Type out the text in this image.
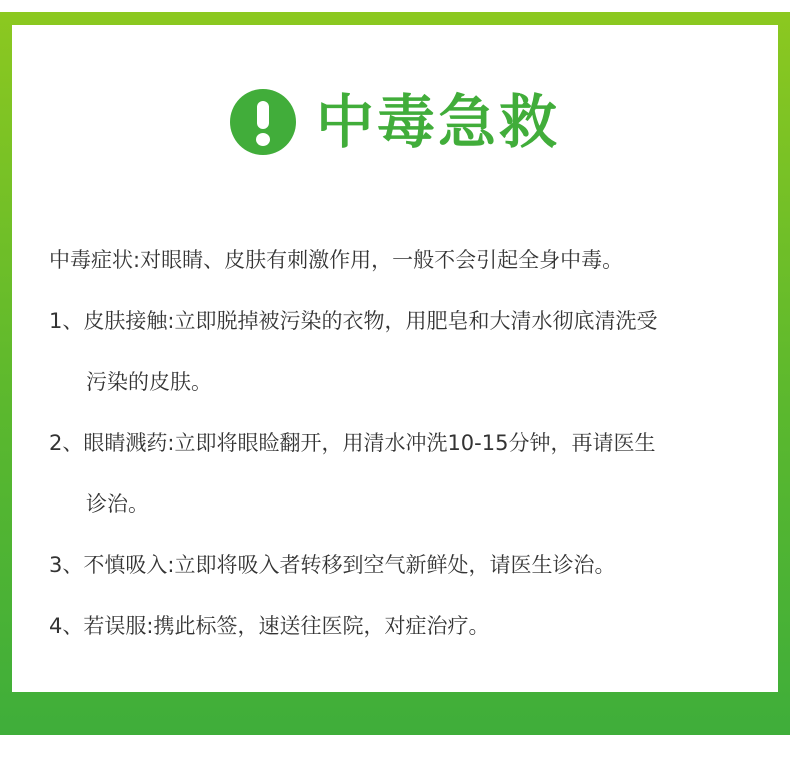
中毒急救
中毒症状:对眼睛、皮肤有刺激作用，一般不会引起全身中毒。
1、皮肤接触:立即脱掉被污染的衣物，用肥皂和大清水彻底清洗受
污染的皮肤。
2、眼睛溅药:立即将眼睑翻开，用清水冲洗10-15分钟，再请医生
诊治。
3、不慎吸入:立即将吸入者转移到空气新鲜处，请医生诊治。
4、若误服:携此标签，速送往医院，对症治疗。
